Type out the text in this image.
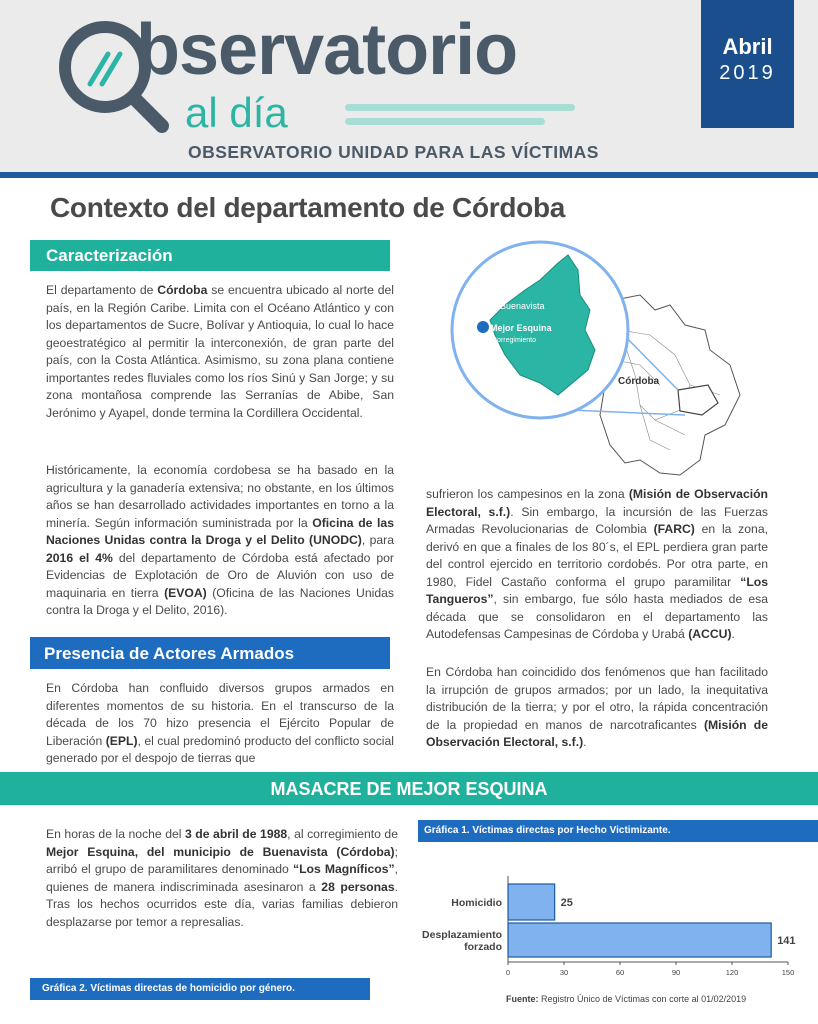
bservatorio
al día
OBSERVATORIO UNIDAD PARA LAS VÍCTIMAS
Abril
2019
Contexto del departamento de Córdoba
Caracterización
El departamento de Córdoba se encuentra ubicado al norte del país, en la Región Caribe. Limita con el Océano Atlántico y con los departamentos de Sucre, Bolívar y Antioquia, lo cual lo hace geoestratégico al permitir la interconexión, de gran parte del país, con la Costa Atlántica. Asimismo, su zona plana contiene importantes redes fluviales como los ríos Sinú y San Jorge; y su zona montañosa comprende las Serranías de Abibe, San Jerónimo y Ayapel, donde termina la Cordillera Occidental.
Históricamente, la economía cordobesa se ha basado en la agricultura y la ganadería extensiva; no obstante, en los últimos años se han desarrollado actividades importantes en torno a la minería. Según información suministrada por la Oficina de las Naciones Unidas contra la Droga y el Delito (UNODC), para 2016 el 4% del departamento de Córdoba está afectado por Evidencias de Explotación de Oro de Aluvión con uso de maquinaria en tierra (EVOA) (Oficina de las Naciones Unidas contra la Droga y el Delito, 2016).
Presencia de Actores Armados
En Córdoba han confluido diversos grupos armados en diferentes momentos de su historia. En el transcurso de la década de los 70 hizo presencia el Ejército Popular de Liberación (EPL), el cual predominó producto del conflicto social generado por el despojo de tierras que
Buenavista
Mejor Esquina
Corregimiento
Córdoba
sufrieron los campesinos en la zona (Misión de Observación Electoral, s.f.). Sin embargo, la incursión de las Fuerzas Armadas Revolucionarias de Colombia (FARC) en la zona, derivó en que a finales de los 80´s, el EPL perdiera gran parte del control ejercido en territorio cordobés. Por otra parte, en 1980, Fidel Castaño conforma el grupo paramilitar “Los Tangueros”, sin embargo, fue sólo hasta mediados de esa década que se consolidaron en el departamento las Autodefensas Campesinas de Córdoba y Urabá (ACCU).
En Córdoba han coincidido dos fenómenos que han facilitado la irrupción de grupos armados; por un lado, la inequitativa distribución de la tierra; y por el otro, la rápida concentración de la propiedad en manos de narcotraficantes (Misión de Observación Electoral, s.f.).
MASACRE DE MEJOR ESQUINA
En horas de la noche del 3 de abril de 1988, al corregimiento de Mejor Esquina, del municipio de Buenavista (Córdoba); arribó el grupo de paramilitares denominado “Los Magníficos”, quienes de manera indiscriminada asesinaron a 28 personas. Tras los hechos ocurridos este día, varias familias debieron desplazarse por temor a represalias.
Gráfica 1. Víctimas directas por Hecho Victimizante.
0	30	60	90	120	150
25
Homicidio
141
Desplazamiento
forzado
Fuente: Registro Único de Víctimas con corte al 01/02/2019
Gráfica 2. Víctimas directas de homicidio por género.
